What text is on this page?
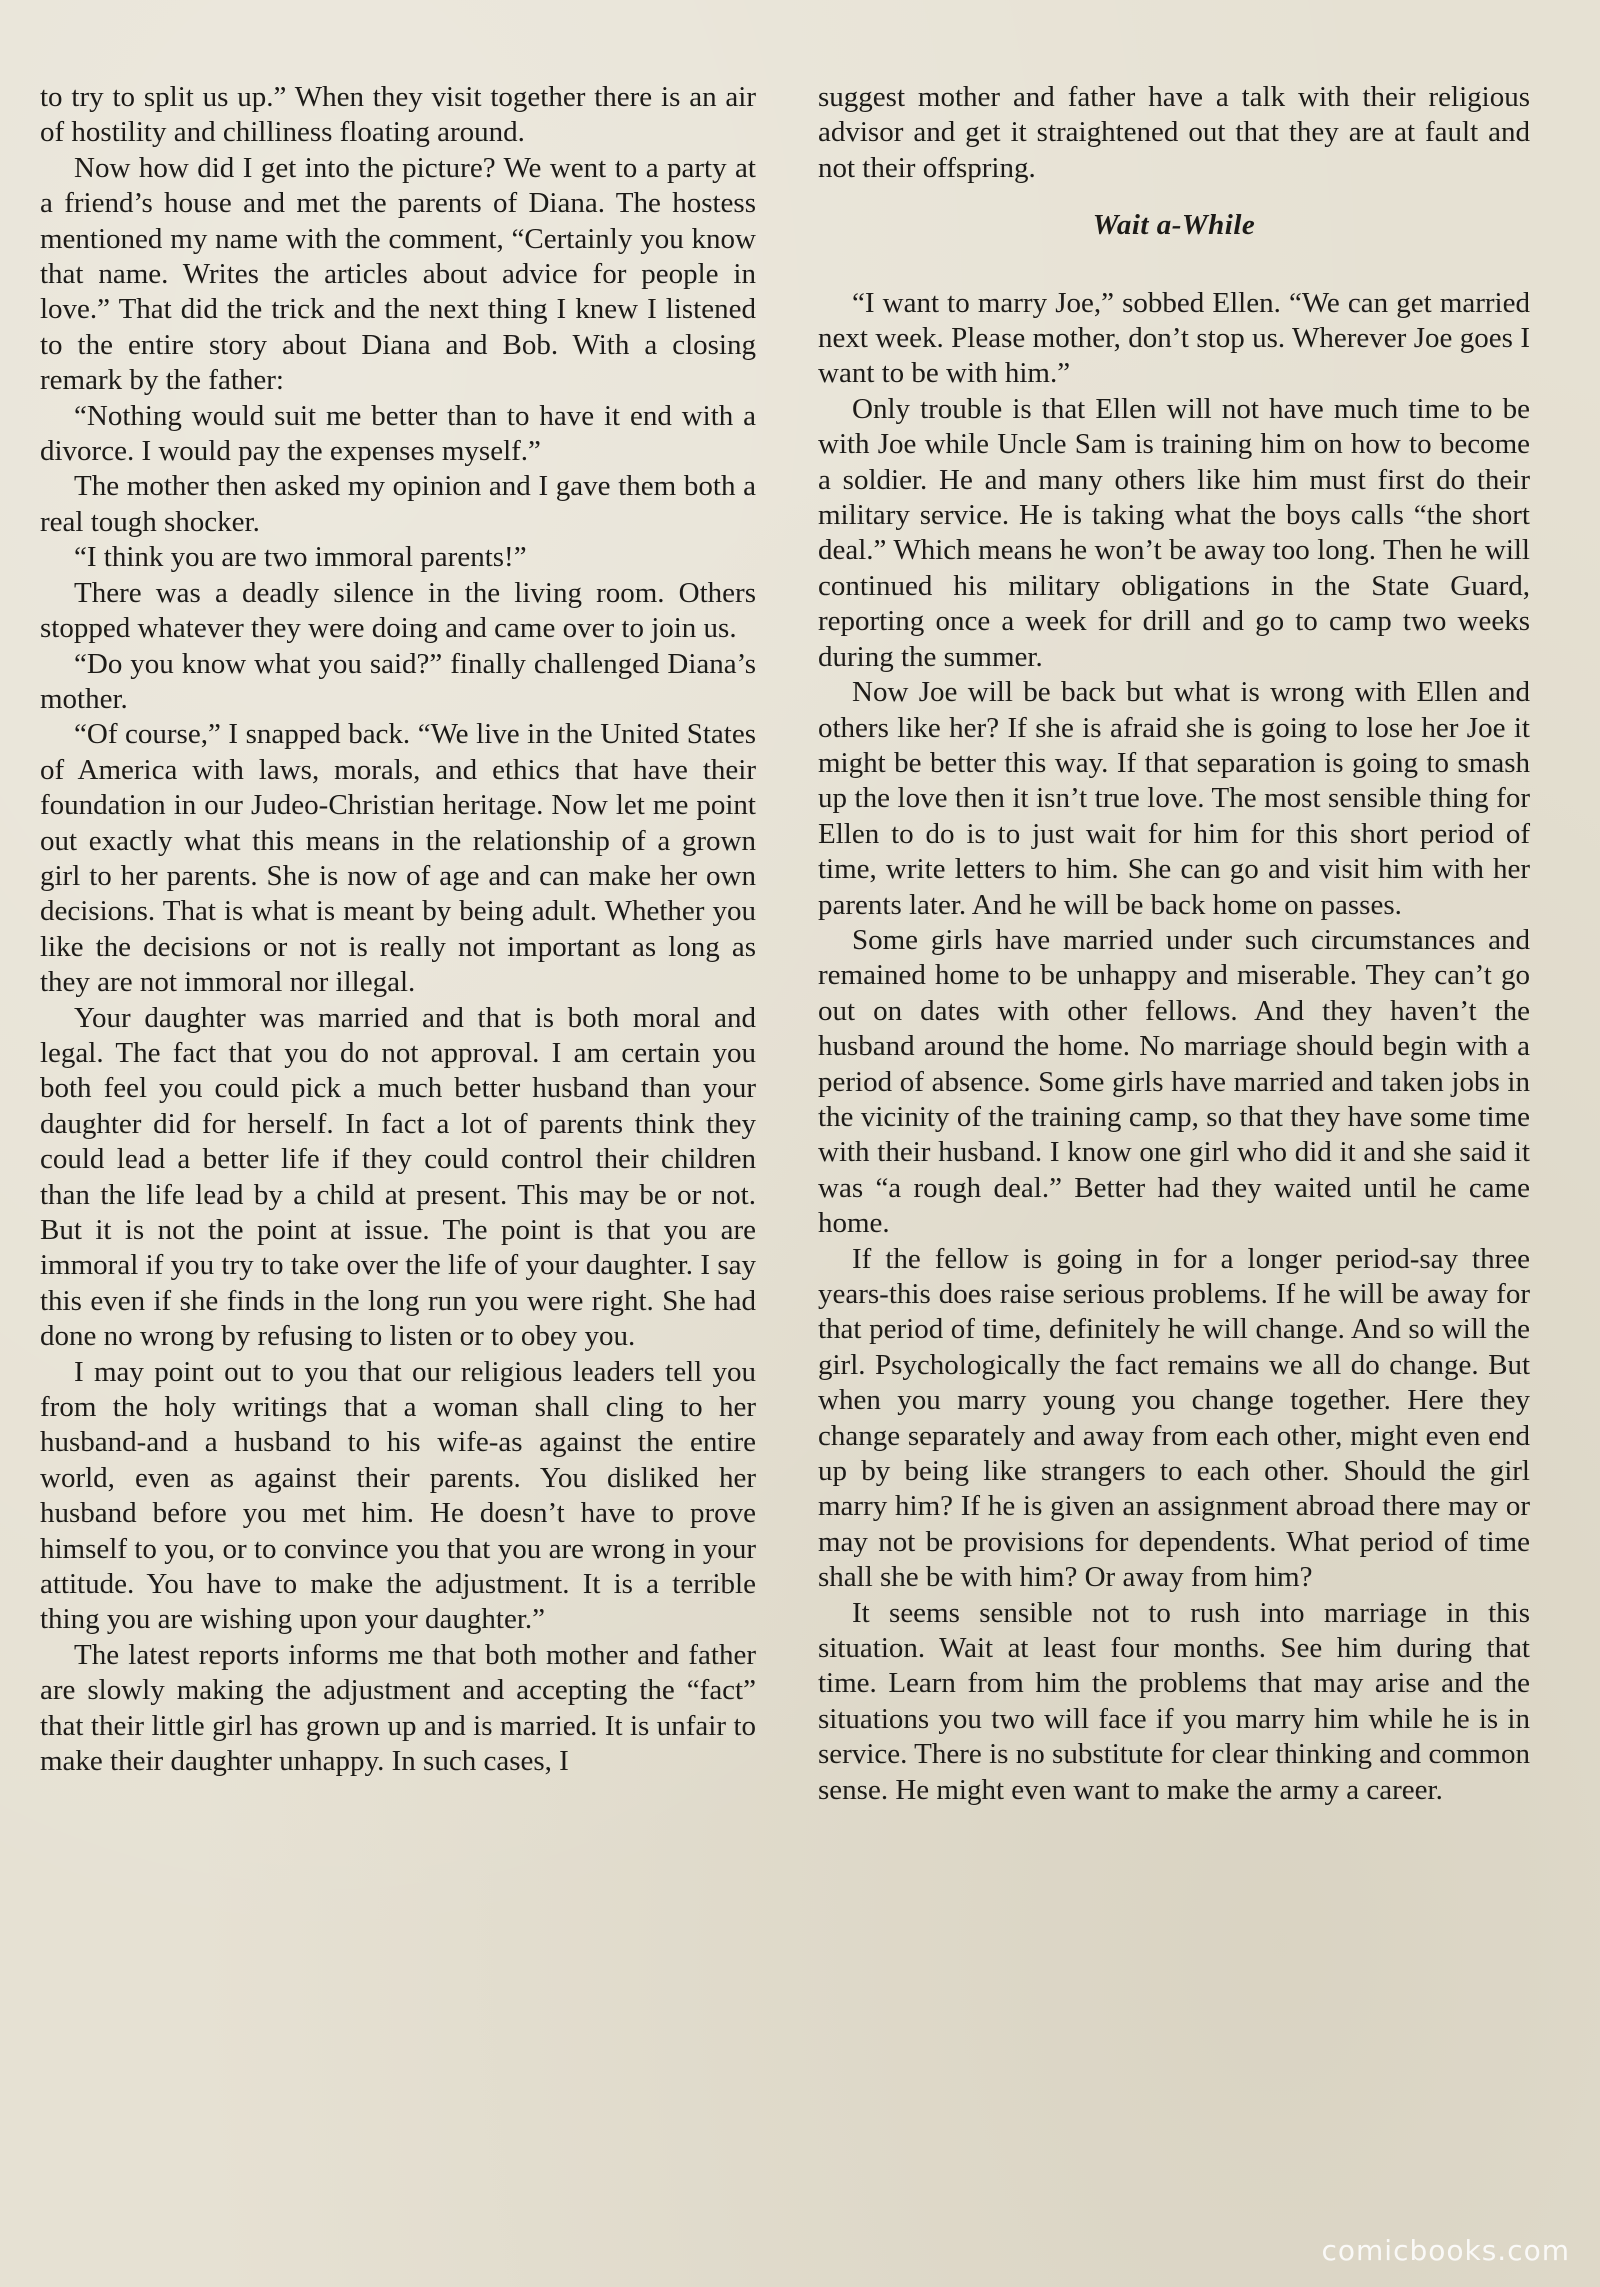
to try to split us up.” When they visit together there is an air of hostility and chilliness floating around.

Now how did I get into the picture? We went to a party at a friend’s house and met the parents of Diana. The hostess mentioned my name with the comment, “Certainly you know that name. Writes the articles about advice for people in love.” That did the trick and the next thing I knew I listened to the entire story about Diana and Bob. With a closing remark by the father:

“Nothing would suit me better than to have it end with a divorce. I would pay the expenses myself.”

The mother then asked my opinion and I gave them both a real tough shocker.

“I think you are two immoral parents!”

There was a deadly silence in the living room. Others stopped whatever they were doing and came over to join us.

“Do you know what you said?” finally challenged Diana’s mother.

“Of course,” I snapped back. “We live in the United States of America with laws, morals, and ethics that have their foundation in our Judeo-Christian heritage. Now let me point out exactly what this means in the relationship of a grown girl to her parents. She is now of age and can make her own decisions. That is what is meant by being adult. Whether you like the decisions or not is really not important as long as they are not immoral nor illegal.

Your daughter was married and that is both moral and legal. The fact that you do not approval. I am certain you both feel you could pick a much better husband than your daughter did for herself. In fact a lot of parents think they could lead a better life if they could control their children than the life lead by a child at present. This may be or not. But it is not the point at issue. The point is that you are immoral if you try to take over the life of your daughter. I say this even if she finds in the long run you were right. She had done no wrong by refusing to listen or to obey you.

I may point out to you that our religious leaders tell you from the holy writings that a woman shall cling to her husband-and a husband to his wife-as against the entire world, even as against their parents. You disliked her husband before you met him. He doesn’t have to prove himself to you, or to convince you that you are wrong in your attitude. You have to make the adjustment. It is a terrible thing you are wishing upon your daughter.”

The latest reports informs me that both mother and father are slowly making the adjustment and accepting the “fact” that their little girl has grown up and is married. It is unfair to make their daughter unhappy. In such cases, I

suggest mother and father have a talk with their religious advisor and get it straightened out that they are at fault and not their offspring.

Wait a-While

“I want to marry Joe,” sobbed Ellen. “We can get married next week. Please mother, don’t stop us. Wherever Joe goes I want to be with him.”

Only trouble is that Ellen will not have much time to be with Joe while Uncle Sam is training him on how to become a soldier. He and many others like him must first do their military service. He is taking what the boys calls “the short deal.” Which means he won’t be away too long. Then he will continued his military obligations in the State Guard, reporting once a week for drill and go to camp two weeks during the summer.

Now Joe will be back but what is wrong with Ellen and others like her? If she is afraid she is going to lose her Joe it might be better this way. If that separation is going to smash up the love then it isn’t true love. The most sensible thing for Ellen to do is to just wait for him for this short period of time, write letters to him. She can go and visit him with her parents later. And he will be back home on passes.

Some girls have married under such circumstances and remained home to be unhappy and miserable. They can’t go out on dates with other fellows. And they haven’t the husband around the home. No marriage should begin with a period of absence. Some girls have married and taken jobs in the vicinity of the training camp, so that they have some time with their husband. I know one girl who did it and she said it was “a rough deal.” Better had they waited until he came home.

If the fellow is going in for a longer period-say three years-this does raise serious problems. If he will be away for that period of time, definitely he will change. And so will the girl. Psychologically the fact remains we all do change. But when you marry young you change together. Here they change separately and away from each other, might even end up by being like strangers to each other. Should the girl marry him? If he is given an assignment abroad there may or may not be provisions for dependents. What period of time shall she be with him? Or away from him?

It seems sensible not to rush into marriage in this situation. Wait at least four months. See him during that time. Learn from him the problems that may arise and the situations you two will face if you marry him while he is in service. There is no substitute for clear thinking and common sense. He might even want to make the army a career.

comicbooks.com
